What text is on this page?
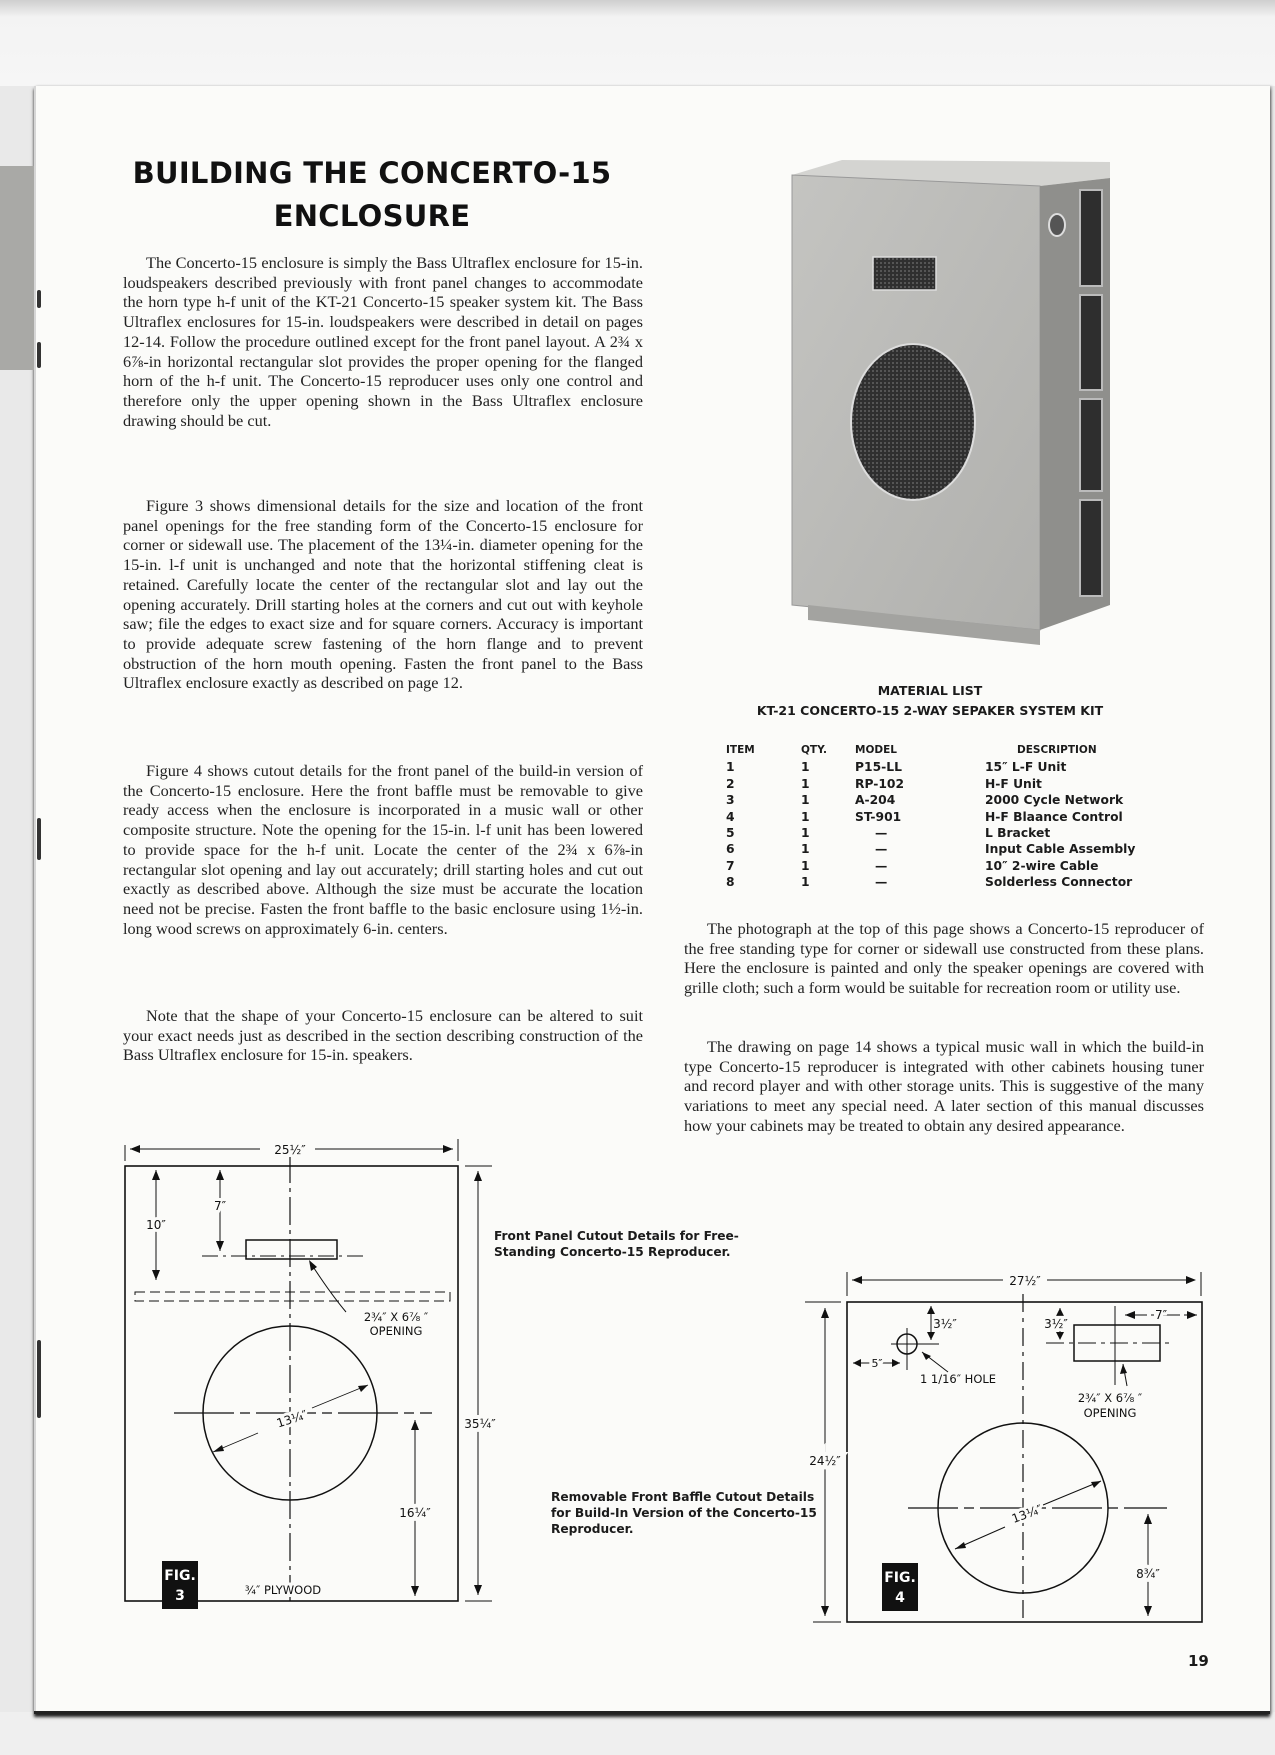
BUILDING THE CONCERTO-15
ENCLOSURE

The Concerto-15 enclosure is simply the Bass Ultraflex enclosure for 15-in. loudspeakers described previously with front panel changes to accommodate the horn type h-f unit of the KT-21 Concerto-15 speaker system kit. The Bass Ultraflex enclosures for 15-in. loudspeakers were described in detail on pages 12-14. Follow the procedure outlined except for the front panel layout. A 2¾ x 6⅞-in horizontal rectangular slot provides the proper opening for the flanged horn of the h-f unit. The Concerto-15 reproducer uses only one control and therefore only the upper opening shown in the Bass Ultraflex enclosure drawing should be cut.

Figure 3 shows dimensional details for the size and location of the front panel openings for the free standing form of the Concerto-15 enclosure for corner or sidewall use. The placement of the 13¼-in. diameter opening for the 15-in. l-f unit is unchanged and note that the horizontal stiffening cleat is retained. Carefully locate the center of the rectangular slot and lay out the opening accurately. Drill starting holes at the corners and cut out with keyhole saw; file the edges to exact size and for square corners. Accuracy is important to provide adequate screw fastening of the horn flange and to prevent obstruction of the horn mouth opening. Fasten the front panel to the Bass Ultraflex enclosure exactly as described on page 12.

Figure 4 shows cutout details for the front panel of the build-in version of the Concerto-15 enclosure. Here the front baffle must be removable to give ready access when the enclosure is incorporated in a music wall or other composite structure. Note the opening for the 15-in. l-f unit has been lowered to provide space for the h-f unit. Locate the center of the 2¾ x 6⅞-in rectangular slot opening and lay out accurately; drill starting holes and cut out exactly as described above. Although the size must be accurate the location need not be precise. Fasten the front baffle to the basic enclosure using 1½-in. long wood screws on approximately 6-in. centers.

Note that the shape of your Concerto-15 enclosure can be altered to suit your exact needs just as described in the section describing construction of the Bass Ultraflex enclosure for 15-in. speakers.

MATERIAL LIST
KT-21 CONCERTO-15 2-WAY SEPAKER SYSTEM KIT
ITEM	QTY.	MODEL	DESCRIPTION
1	1	P15-LL	15″ L-F Unit
2	1	RP-102	H-F Unit
3	1	A-204	2000 Cycle Network
4	1	ST-901	H-F Blaance Control
5	1	—	L Bracket
6	1	—	Input Cable Assembly
7	1	—	10″ 2-wire Cable
8	1	—	Solderless Connector

The photograph at the top of this page shows a Concerto-15 reproducer of the free standing type for corner or sidewall use constructed from these plans. Here the enclosure is painted and only the speaker openings are covered with grille cloth; such a form would be suitable for recreation room or utility use.

The drawing on page 14 shows a typical music wall in which the build-in type Concerto-15 reproducer is integrated with other cabinets housing tuner and record player and with other storage units. This is suggestive of the many variations to meet any special need. A later section of this manual discusses how your cabinets may be treated to obtain any desired appearance.

25½″
10″
7″
2¾″ X 6⅞ ″
OPENING
13¼″
16¼″
35¼″
FIG.
3	¾″ PLYWOOD
Front Panel Cutout Details for Free-Standing Concerto-15 Reproducer.
Removable Front Baffle Cutout Details for Build-In Version of the Concerto-15 Reproducer.
27½″
24½″
3½″
5″
1 1/16″ HOLE
3½″
7″
2¾″ X 6⅞ ″
OPENING
13¼″
8¾″
FIG.
4
19
